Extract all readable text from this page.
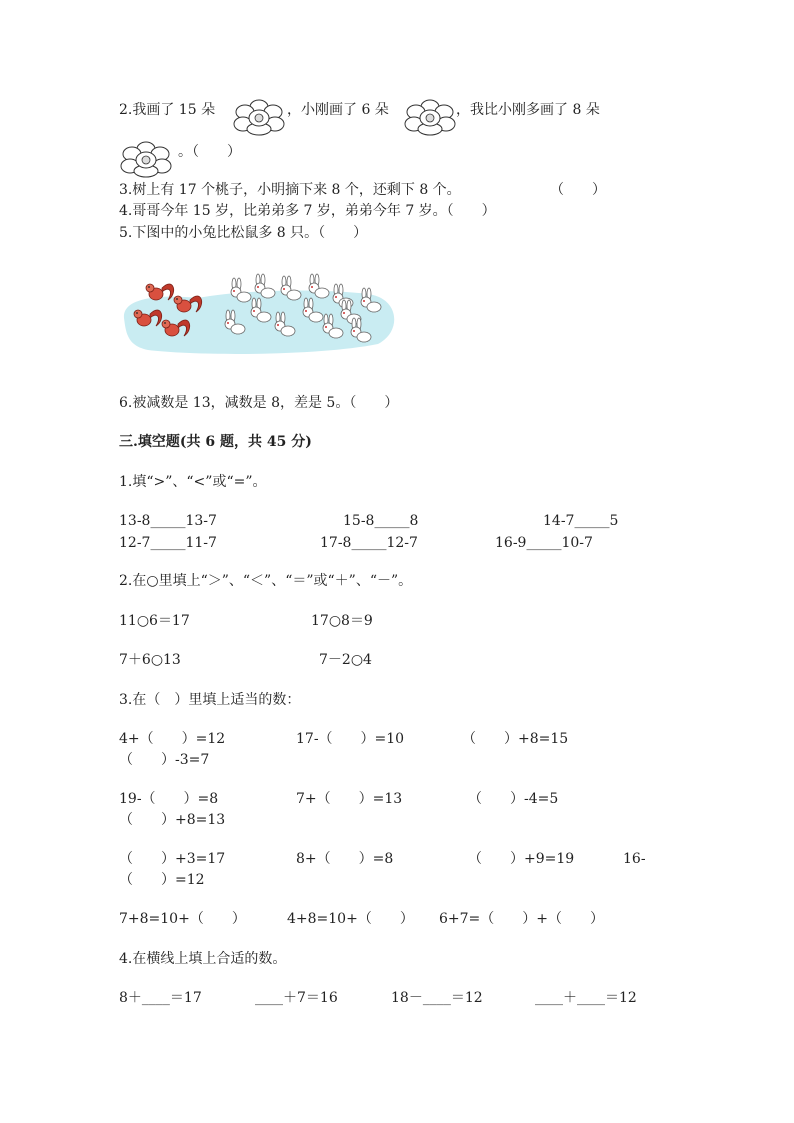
2.我画了 15 朵	，小刚画了 6 朵	，我比小刚多画了 8 朵
。（　　）
3.树上有 17 个桃子，小明摘下来 8 个，还剩下 8 个。	（　　）
4.哥哥今年 15 岁，比弟弟多 7 岁，弟弟今年 7 岁。（　　）
5.下图中的小兔比松鼠多 8 只。（　　）
6.被减数是 13，减数是 8，差是 5。（　　）
三.填空题(共 6 题，共 45 分)
1.填“>”、“<”或“=”。
13-8_____13-7	15-8_____8	14-7_____5
12-7_____11-7	17-8_____12-7	16-9_____10-7
2.在○里填上“＞”、“＜”、“＝”或“＋”、“－”。
11○6＝17	17○8＝9
7＋6○13	7－2○4
3.在（　）里填上适当的数：
4+（　　）=12	17-（　　）=10	（　　）+8=15
（　　）-3=7
19-（　　）=8	7+（　　）=13	（　　）-4=5
（　　）+8=13
（　　）+3=17	8+（　　）=8	（　　）+9=19	16-
（　　）=12
7+8=10+（　　）	4+8=10+（　　） 6+7=（　　）+（　　）
4.在横线上填上合适的数。
8＋____＝17	____＋7＝16	18－____＝12	____＋____＝12
